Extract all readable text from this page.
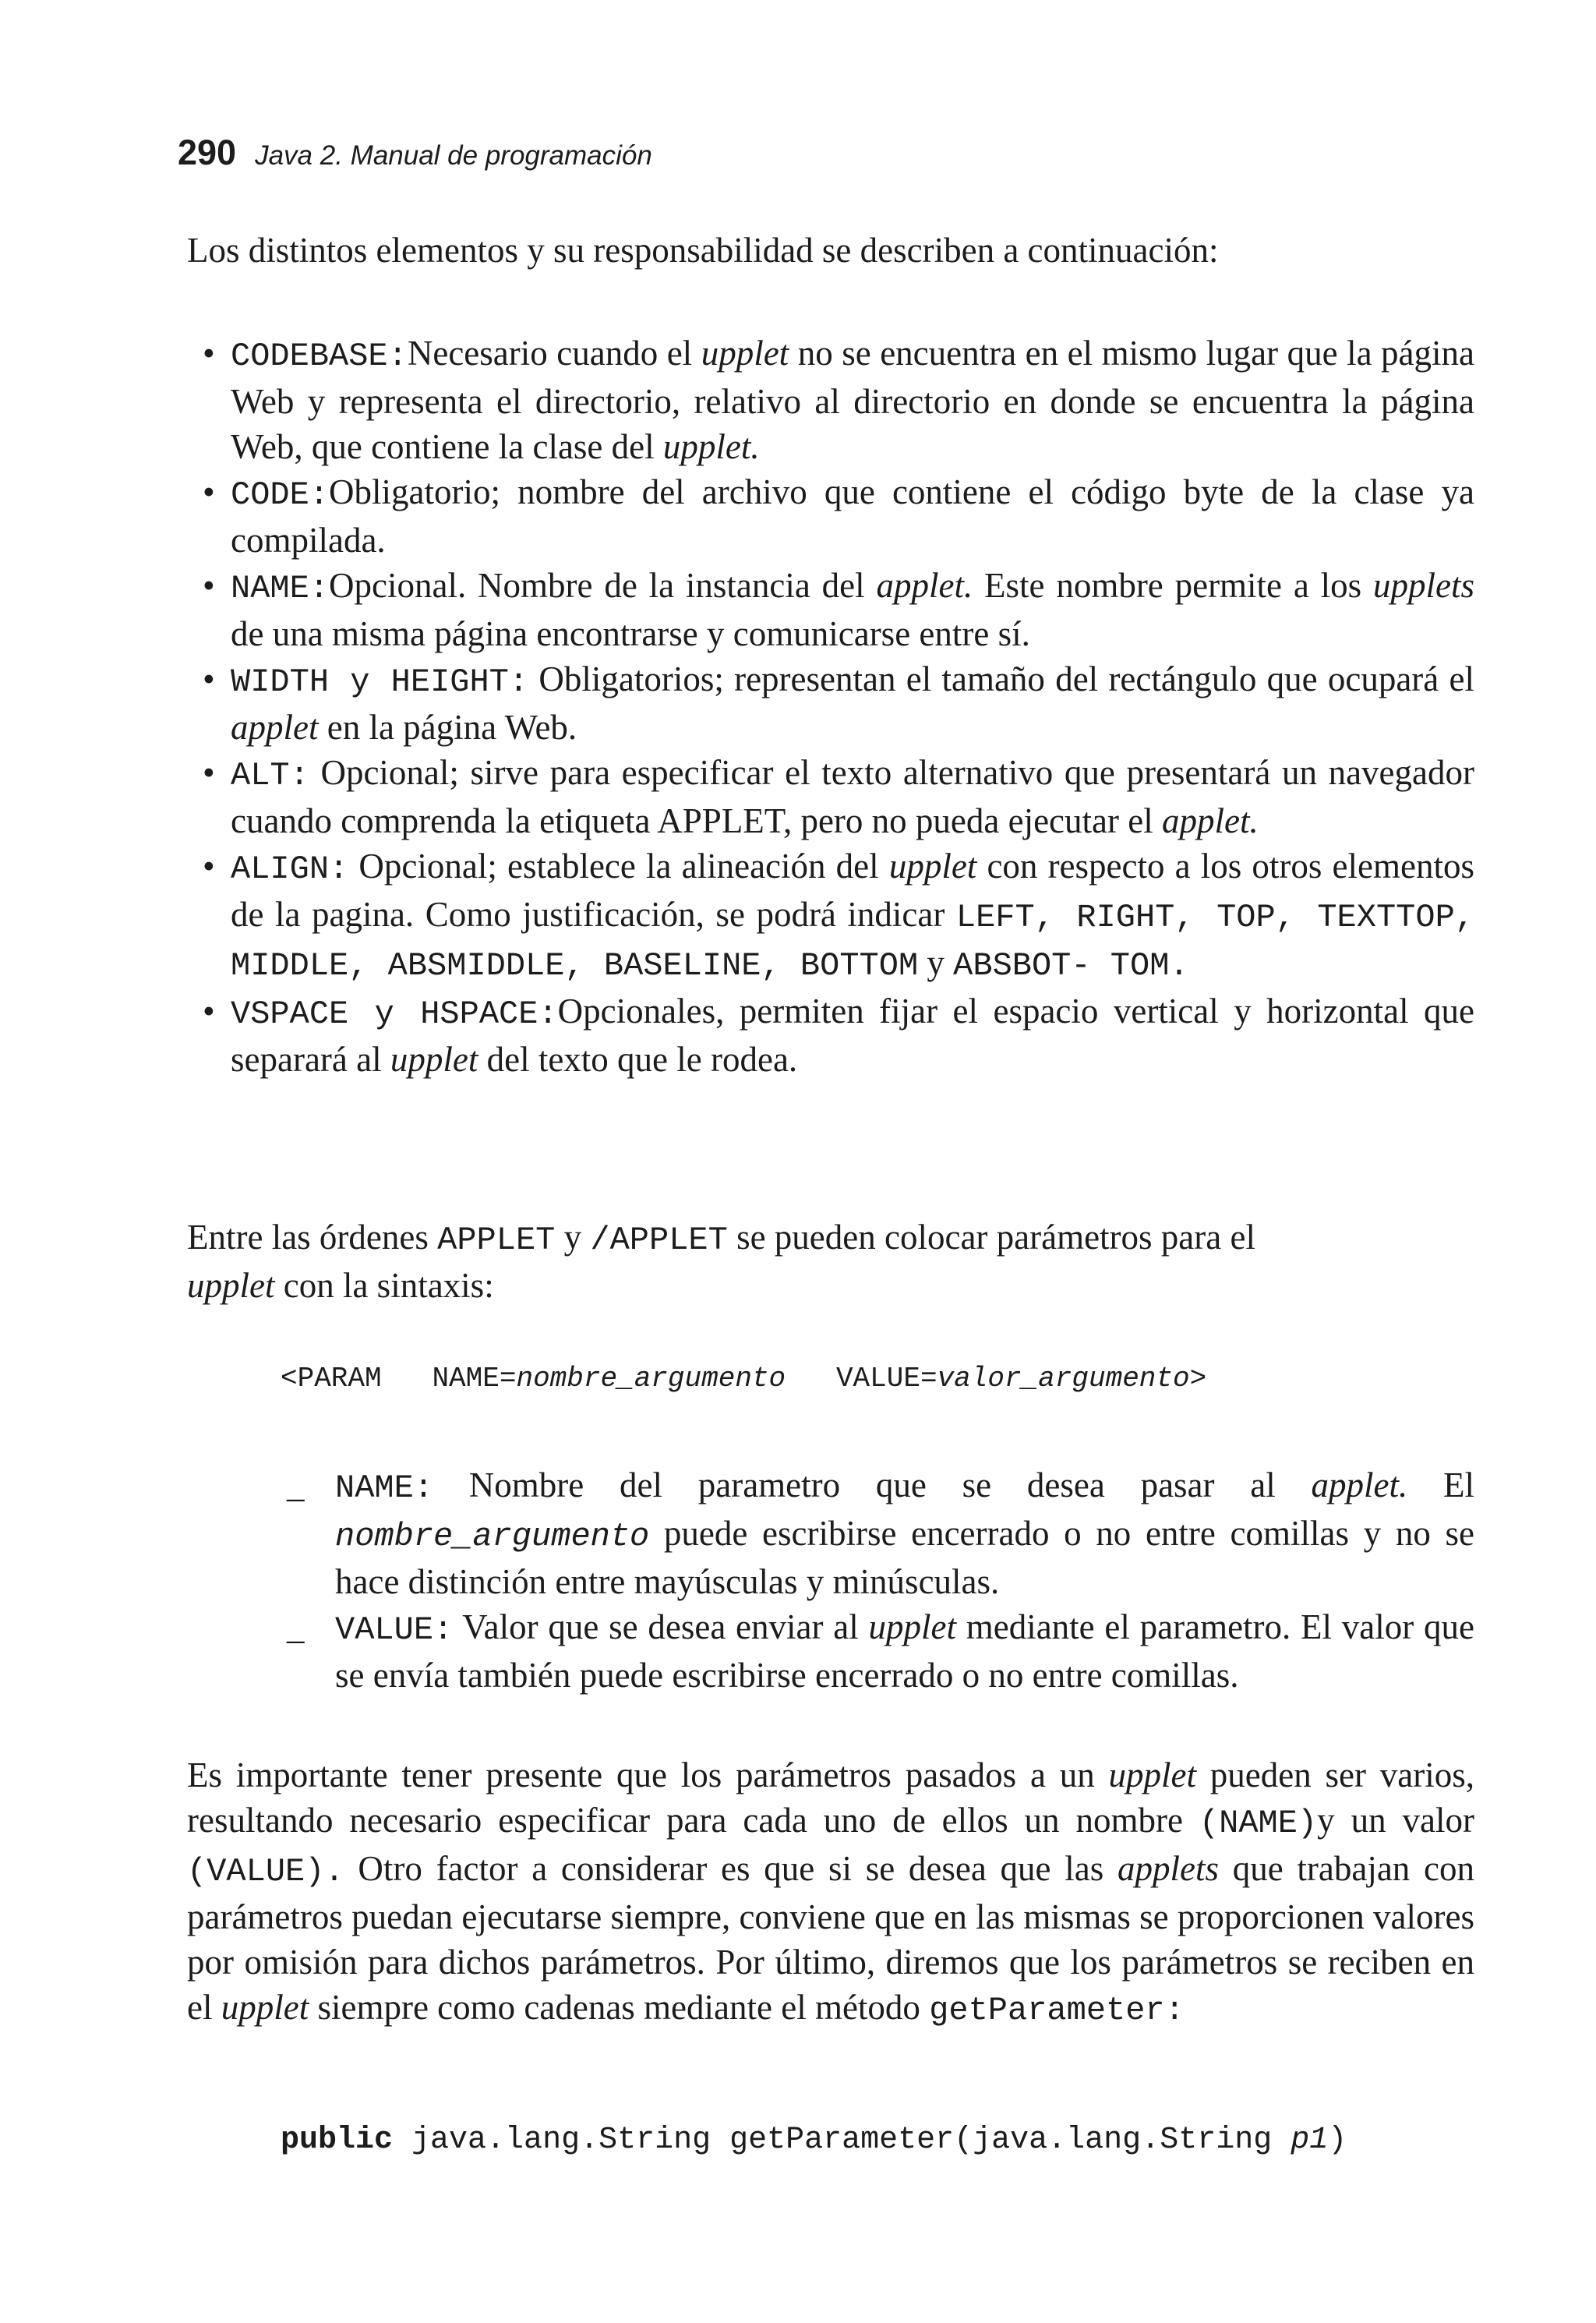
290 Java 2. Manual de programación
Los distintos elementos y su responsabilidad se describen a continuación:
• CODEBASE:Necesario cuando el upplet no se encuentra en el mismo lugar que la página Web y representa el directorio, relativo al directorio en donde se encuentra la página Web, que contiene la clase del upplet.
• CODE:Obligatorio; nombre del archivo que contiene el código byte de la clase ya compilada.
• NAME:Opcional. Nombre de la instancia del applet. Este nombre permite a los upplets de una misma página encontrarse y comunicarse entre sí.
• WIDTH y HEIGHT: Obligatorios; representan el tamaño del rectángulo que ocupará el applet en la página Web.
• ALT: Opcional; sirve para especificar el texto alternativo que presentará un navegador cuando comprenda la etiqueta APPLET, pero no pueda ejecutar el applet.
• ALIGN: Opcional; establece la alineación del upplet con respecto a los otros elementos de la pagina. Como justificación, se podrá indicar LEFT, RIGHT, TOP, TEXTTOP, MIDDLE, ABSMIDDLE, BASELINE, BOTTOM y ABSBOT- TOM.
• VSPACE y HSPACE:Opcionales, permiten fijar el espacio vertical y horizontal que separará al upplet del texto que le rodea.
Entre las órdenes APPLET y /APPLET se pueden colocar parámetros para el
upplet con la sintaxis:
<PARAM NAME=nombre_argumento VALUE=valor_argumento>
_ NAME: Nombre del parametro que se desea pasar al applet. El nombre_argumento puede escribirse encerrado o no entre comillas y no se hace distinción entre mayúsculas y minúsculas.
_ VALUE: Valor que se desea enviar al upplet mediante el parametro. El valor que se envía también puede escribirse encerrado o no entre comillas.
Es importante tener presente que los parámetros pasados a un upplet pueden ser varios, resultando necesario especificar para cada uno de ellos un nombre (NAME)y un valor (VALUE). Otro factor a considerar es que si se desea que las applets que trabajan con parámetros puedan ejecutarse siempre, conviene que en las mismas se proporcionen valores por omisión para dichos parámetros. Por último, diremos que los parámetros se reciben en el upplet siempre como cadenas mediante el método getParameter:
public java.lang.String getParameter(java.lang.String p1)
